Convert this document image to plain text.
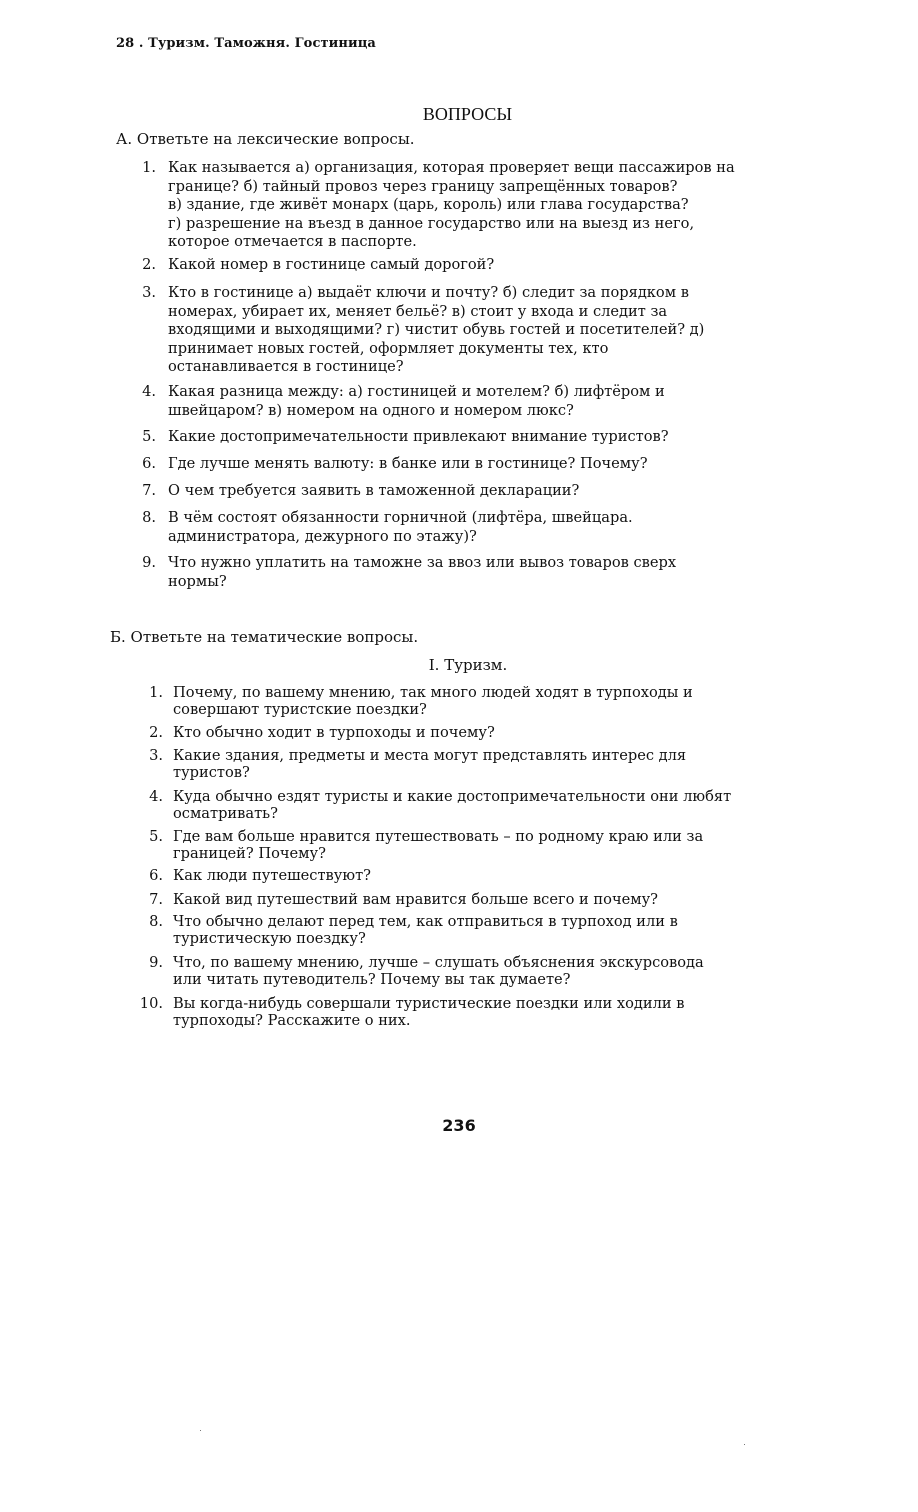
28 . Туризм. Таможня. Гостиница
ВОПРОСЫ
А. Ответьте на лексические вопросы.
1. Как называется а) организация, которая проверяет вещи пассажиров на
границе? б) тайный провоз через границу запрещённых товаров?
в) здание, где живёт монарх (царь, король) или глава государства?
г) разрешение на въезд в данное государство или на выезд из него,
которое отмечается в паспорте.
2. Какой номер в гостинице самый дорогой?
3. Кто в гостинице а) выдаёт ключи и почту? б) следит за порядком в
номерах, убирает их, меняет бельё? в) стоит у входа и следит за
входящими и выходящими? г) чистит обувь гостей и посетителей? д)
принимает новых гостей, оформляет документы тех, кто
останавливается в гостинице?
4. Какая разница между: а) гостиницей и мотелем? б) лифтёром и
швейцаром? в) номером на одного и номером люкс?
5. Какие достопримечательности привлекают внимание туристов?
6. Где лучше менять валюту: в банке или в гостинице? Почему?
7. О чем требуется заявить в таможенной декларации?
8. В чём состоят обязанности горничной (лифтёра, швейцара.
администратора, дежурного по этажу)?
9. Что нужно уплатить на таможне за ввоз или вывоз товаров сверх
нормы?
Б. Ответьте на тематические вопросы.
I. Туризм.
1. Почему, по вашему мнению, так много людей ходят в турпоходы и
совершают туристские поездки?
2. Кто обычно ходит в турпоходы и почему?
3. Какие здания, предметы и места могут представлять интерес для
туристов?
4. Куда обычно ездят туристы и какие достопримечательности они любят
осматривать?
5. Где вам больше нравится путешествовать – по родному краю или за
границей? Почему?
6. Как люди путешествуют?
7. Какой вид путешествий вам нравится больше всего и почему?
8. Что обычно делают перед тем, как отправиться в турпоход или в
туристическую поездку?
9. Что, по вашему мнению, лучше – слушать объяснения экскурсовода
или читать путеводитель? Почему вы так думаете?
10. Вы когда-нибудь совершали туристические поездки или ходили в
турпоходы? Расскажите о них.
236
